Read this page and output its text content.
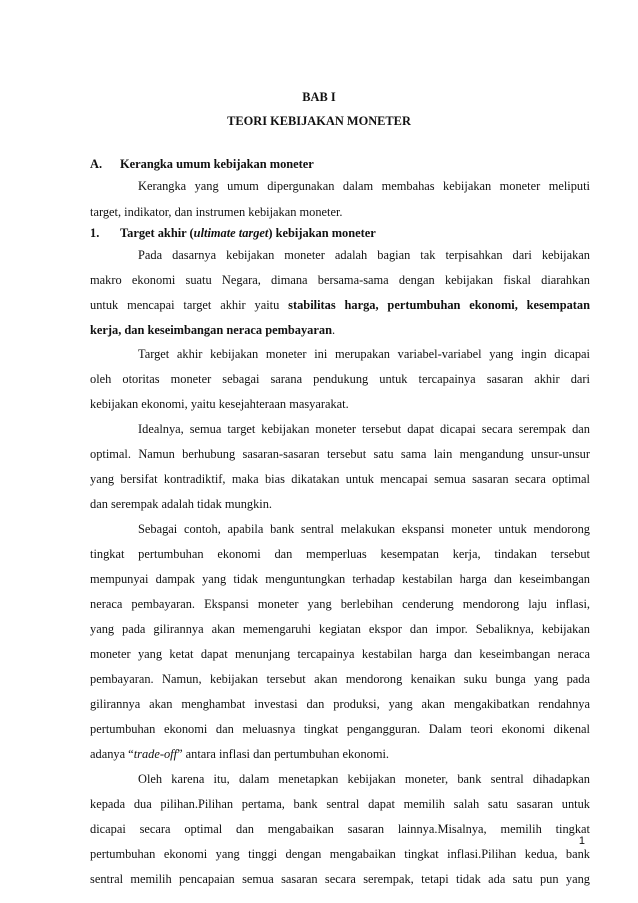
BAB I
TEORI KEBIJAKAN MONETER
A. Kerangka umum kebijakan moneter
Kerangka yang umum dipergunakan dalam membahas kebijakan moneter meliputi
target, indikator, dan instrumen kebijakan moneter.
1. Target akhir (ultimate target) kebijakan moneter
Pada dasarnya kebijakan moneter adalah bagian tak terpisahkan dari kebijakan
makro ekonomi suatu Negara, dimana bersama-sama dengan kebijakan fiskal diarahkan
untuk mencapai target akhir yaitu stabilitas harga, pertumbuhan ekonomi, kesempatan
kerja, dan keseimbangan neraca pembayaran.
Target akhir kebijakan moneter ini merupakan variabel-variabel yang ingin dicapai
oleh otoritas moneter sebagai sarana pendukung untuk tercapainya sasaran akhir dari
kebijakan ekonomi, yaitu kesejahteraan masyarakat.
Idealnya, semua target kebijakan moneter tersebut dapat dicapai secara serempak dan
optimal. Namun berhubung sasaran-sasaran tersebut satu sama lain mengandung unsur-unsur
yang bersifat kontradiktif, maka bias dikatakan untuk mencapai semua sasaran secara optimal
dan serempak adalah tidak mungkin.
Sebagai contoh, apabila bank sentral melakukan ekspansi moneter untuk mendorong
tingkat pertumbuhan ekonomi dan memperluas kesempatan kerja, tindakan tersebut
mempunyai dampak yang tidak menguntungkan terhadap kestabilan harga dan keseimbangan
neraca pembayaran. Ekspansi moneter yang berlebihan cenderung mendorong laju inflasi,
yang pada gilirannya akan memengaruhi kegiatan ekspor dan impor. Sebaliknya, kebijakan
moneter yang ketat dapat menunjang tercapainya kestabilan harga dan keseimbangan neraca
pembayaran. Namun, kebijakan tersebut akan mendorong kenaikan suku bunga yang pada
gilirannya akan menghambat investasi dan produksi, yang akan mengakibatkan rendahnya
pertumbuhan ekonomi dan meluasnya tingkat pengangguran. Dalam teori ekonomi dikenal
adanya “trade-off” antara inflasi dan pertumbuhan ekonomi.
Oleh karena itu, dalam menetapkan kebijakan moneter, bank sentral dihadapkan
kepada dua pilihan.Pilihan pertama, bank sentral dapat memilih salah satu sasaran untuk
dicapai secara optimal dan mengabaikan sasaran lainnya.Misalnya, memilih tingkat
pertumbuhan ekonomi yang tinggi dengan mengabaikan tingkat inflasi.Pilihan kedua, bank
sentral memilih pencapaian semua sasaran secara serempak, tetapi tidak ada satu pun yang
1
